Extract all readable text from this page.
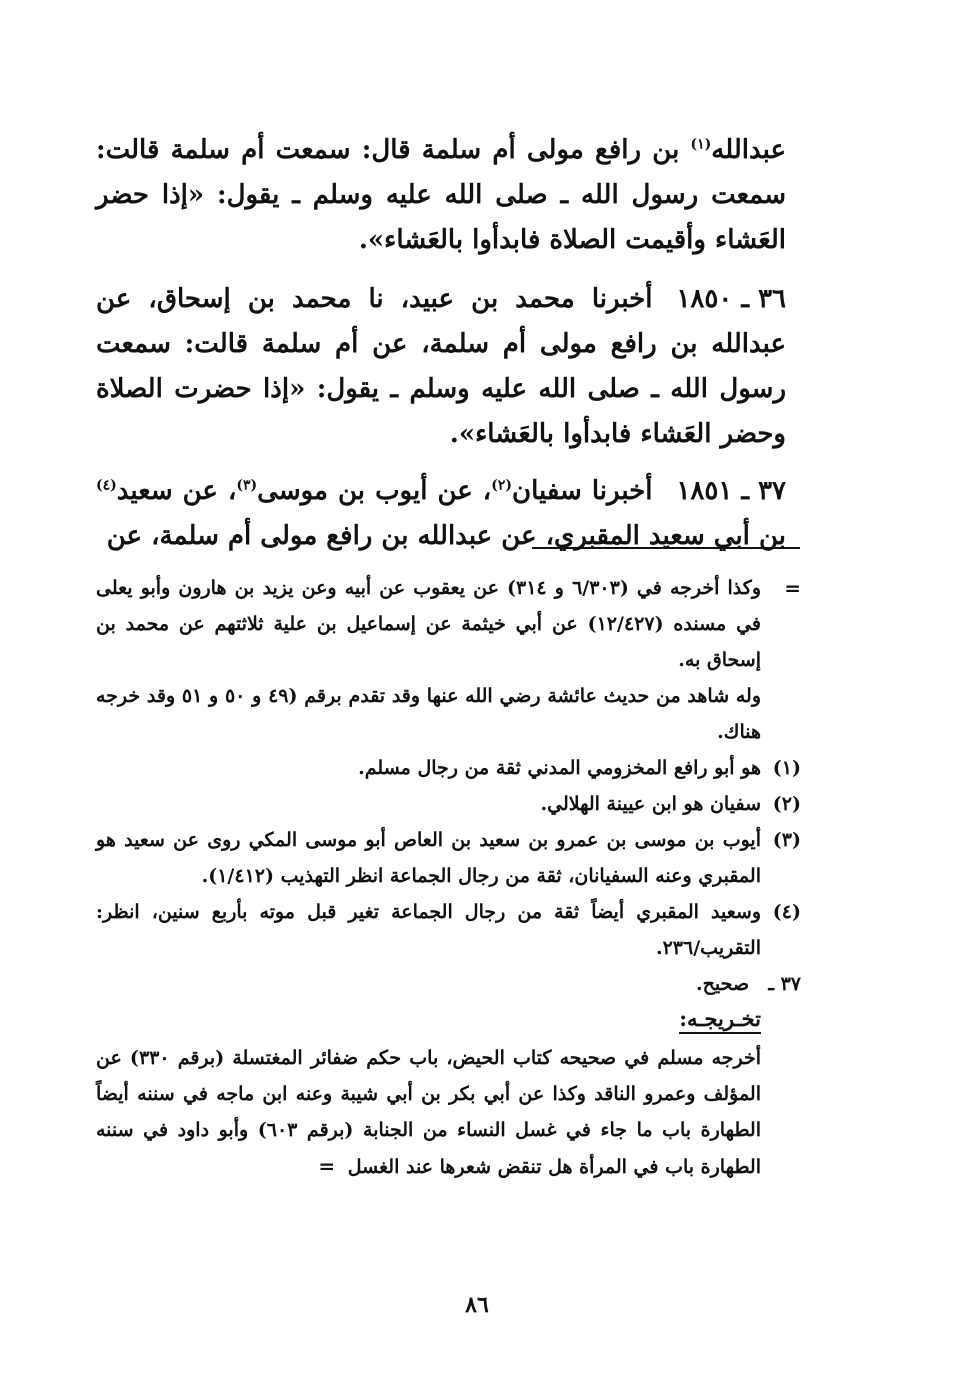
عبدالله$^{(١)}$ بن رافع مولى أم سلمة قال: سمعت أم سلمة قالت: سمعت رسول الله ـ صلى الله عليه وسلم ـ يقول: «إذا حضر العَشاء وأقيمت الصلاة فابدأوا بالعَشاء».

٣٦ ـ ١٨٥٠أخبرنا محمد بن عبيد، نا محمد بن إسحاق، عن عبدالله بن رافع مولى أم سلمة، عن أم سلمة قالت: سمعت رسول الله ـ صلى الله عليه وسلم ـ يقول: «إذا حضرت الصلاة وحضر العَشاء فابدأوا بالعَشاء».

٣٧ ـ ١٨٥١أخبرنا سفيان$^{(٢)}$، عن أيوب بن موسى$^{(٣)}$، عن سعيد$^{(٤)}$ بن أبي سعيد المقبري، عن عبدالله بن رافع مولى أم سلمة، عن

=
وكذا أخرجه في (٦/٣٠٣ و ٣١٤) عن يعقوب عن أبيه وعن يزيد بن هارون وأبو يعلى في مسنده (١٢/٤٢٧) عن أبي خيثمة عن إسماعيل بن علية ثلاثتهم عن محمد بن إسحاق به.
وله شاهد من حديث عائشة رضي الله عنها وقد تقدم برقم (٤٩ و ٥٠ و ٥١ وقد خرجه هناك.
(١)
هو أبو رافع المخزومي المدني ثقة من رجال مسلم.
(٢)
سفيان هو ابن عيينة الهلالي.
(٣)
أيوب بن موسى بن عمرو بن سعيد بن العاص أبو موسى المكي روى عن سعيد هو المقبري وعنه السفيانان، ثقة من رجال الجماعة انظر التهذيب (١/٤١٢).
(٤)
وسعيد المقبري أيضاً ثقة من رجال الجماعة تغير قبل موته بأربع سنين، انظر: التقريب/٢٣٦.
٣٧ ـ
صحيح.
تخـريجـه:
أخرجه مسلم في صحيحه كتاب الحيض، باب حكم ضفائر المغتسلة (برقم ٣٣٠) عن المؤلف وعمرو الناقد وكذا عن أبي بكر بن أبي شيبة وعنه ابن ماجه في سننه أيضاً الطهارة باب ما جاء في غسل النساء من الجنابة (برقم ٦٠٣) وأبو داود في سننه الطهارة باب في المرأة هل تنقض شعرها عند الغسل =
٨٦
